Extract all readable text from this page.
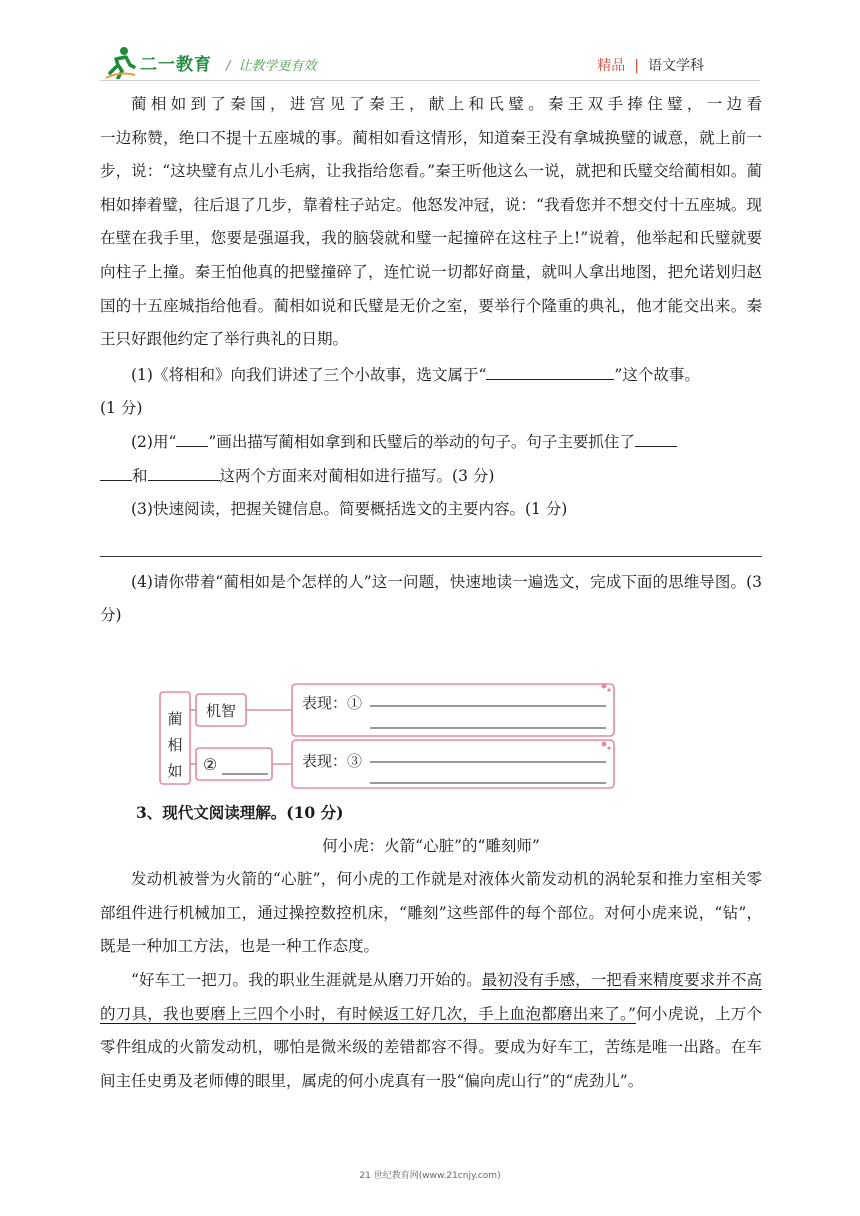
二一教育 / 让教学更有效	精品 | 语文学科

蔺相如到了秦国，进宫见了秦王，献上和氏璧。秦王双手捧住璧，一边看

一边称赞，绝口不提十五座城的事。蔺相如看这情形，知道秦王没有拿城换璧的诚意，就上前一步，说：“这块璧有点儿小毛病，让我指给您看。”秦王听他这么一说，就把和氏璧交给蔺相如。蔺相如捧着璧，往后退了几步，靠着柱子站定。他怒发冲冠，说：“我看您并不想交付十五座城。现在壁在我手里，您要是强逼我，我的脑袋就和璧一起撞碎在这柱子上!”说着，他举起和氏璧就要向柱子上撞。秦王怕他真的把璧撞碎了，连忙说一切都好商量，就叫人拿出地图，把允诺划归赵国的十五座城指给他看。蔺相如说和氏璧是无价之室，要举行个隆重的典礼，他才能交出来。秦王只好跟他约定了举行典礼的日期。

(1)《将相和》向我们讲述了三个小故事，选文属于“	”这个故事。

(1 分)

(2)用“ ”画出描写蔺相如拿到和氏璧后的举动的句子。句子主要抓住了

和	这两个方面来对蔺相如进行描写。(3 分)

(3)快速阅读，把握关键信息。简要概括选文的主要内容。(1 分)

(4)请你带着“蔺相如是个怎样的人”这一问题，快速地读一遍选文，完成下面的思维导图。(3 分)

蔺
相
如
机智
②
表现：①
表现：③

3、现代文阅读理解。(10 分)

何小虎：火箭“心脏”的“雕刻师”

发动机被誉为火箭的“心脏”，何小虎的工作就是对液体火箭发动机的涡轮泵和推力室相关零部组件进行机械加工，通过操控数控机床，“雕刻”这些部件的每个部位。对何小虎来说，“钻”，既是一种加工方法，也是一种工作态度。

“好车工一把刀。我的职业生涯就是从磨刀开始的。最初没有手感，一把看来精度要求并不高的刀具，我也要磨上三四个小时，有时候返工好几次，手上血泡都磨出来了。”何小虎说，上万个零件组成的火箭发动机，哪怕是微米级的差错都容不得。要成为好车工，苦练是唯一出路。在车间主任史勇及老师傅的眼里，属虎的何小虎真有一股“偏向虎山行”的“虎劲儿”。

21 世纪教育网(www.21cnjy.com)
